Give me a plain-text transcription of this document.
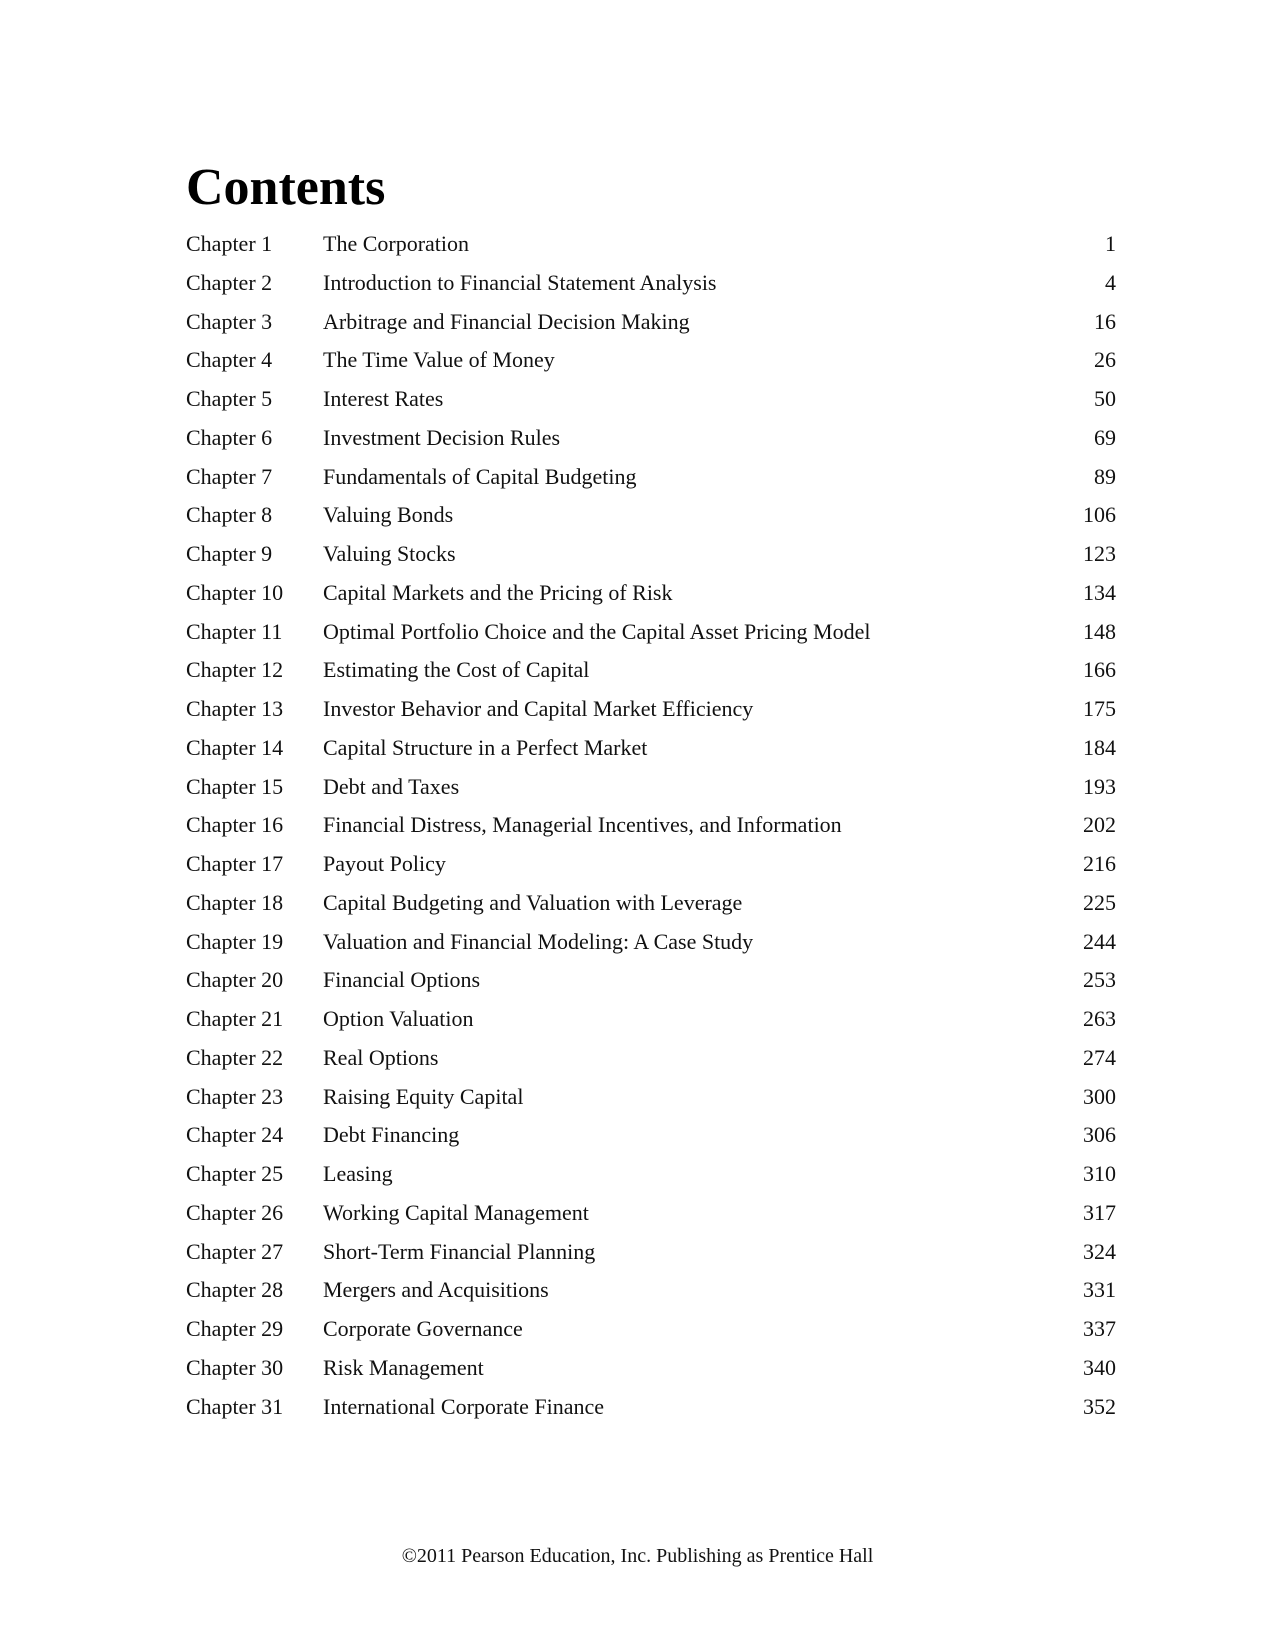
Contents
Chapter 1	The Corporation	1
Chapter 2	Introduction to Financial Statement Analysis	4
Chapter 3	Arbitrage and Financial Decision Making	16
Chapter 4	The Time Value of Money	26
Chapter 5	Interest Rates	50
Chapter 6	Investment Decision Rules	69
Chapter 7	Fundamentals of Capital Budgeting	89
Chapter 8	Valuing Bonds	106
Chapter 9	Valuing Stocks	123
Chapter 10	Capital Markets and the Pricing of Risk	134
Chapter 11	Optimal Portfolio Choice and the Capital Asset Pricing Model	148
Chapter 12	Estimating the Cost of Capital	166
Chapter 13	Investor Behavior and Capital Market Efficiency	175
Chapter 14	Capital Structure in a Perfect Market	184
Chapter 15	Debt and Taxes	193
Chapter 16	Financial Distress, Managerial Incentives, and Information	202
Chapter 17	Payout Policy	216
Chapter 18	Capital Budgeting and Valuation with Leverage	225
Chapter 19	Valuation and Financial Modeling: A Case Study	244
Chapter 20	Financial Options	253
Chapter 21	Option Valuation	263
Chapter 22	Real Options	274
Chapter 23	Raising Equity Capital	300
Chapter 24	Debt Financing	306
Chapter 25	Leasing	310
Chapter 26	Working Capital Management	317
Chapter 27	Short-Term Financial Planning	324
Chapter 28	Mergers and Acquisitions	331
Chapter 29	Corporate Governance	337
Chapter 30	Risk Management	340
Chapter 31	International Corporate Finance	352
©2011 Pearson Education, Inc. Publishing as Prentice Hall
